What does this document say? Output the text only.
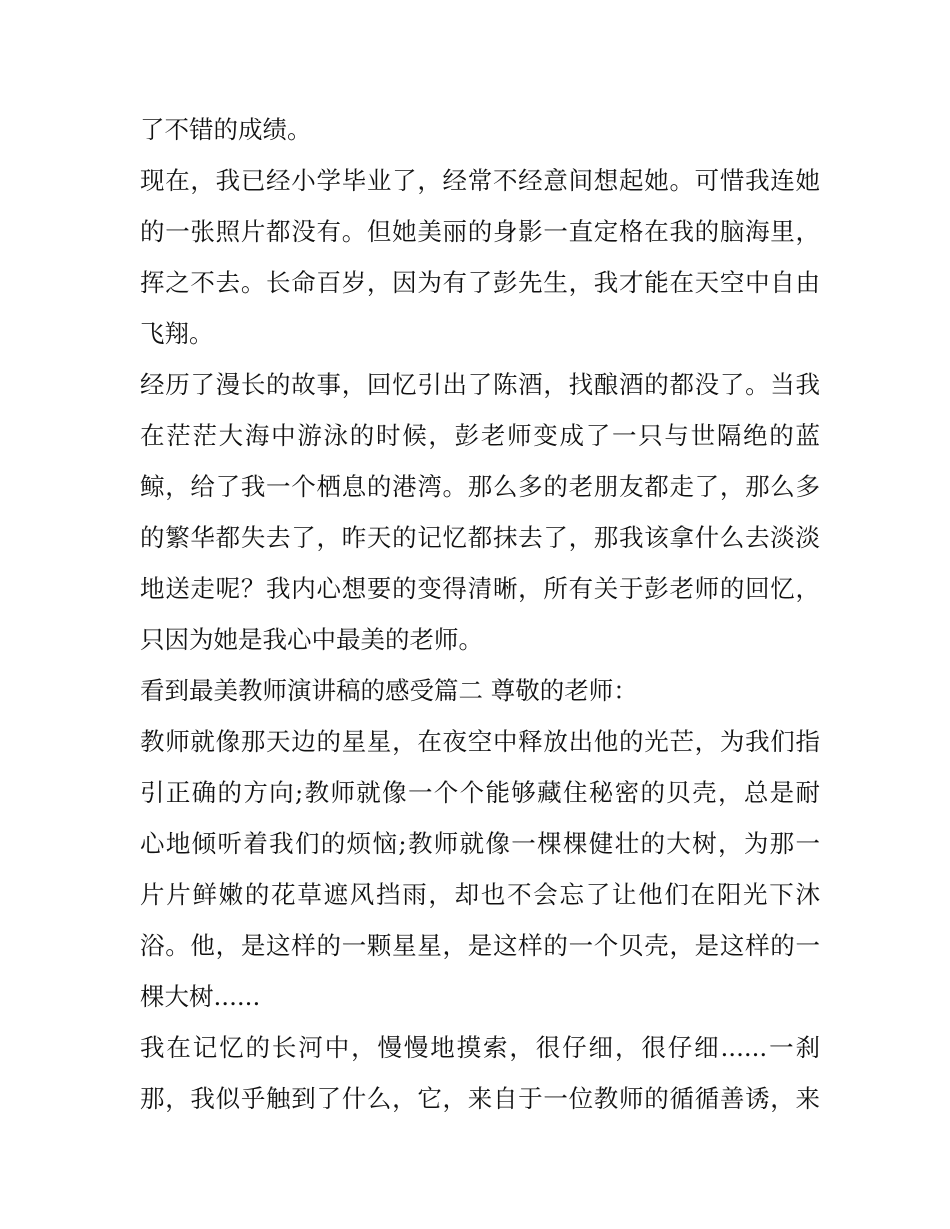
了不错的成绩。
现在，我已经小学毕业了，经常不经意间想起她。可惜我连她
的一张照片都没有。但她美丽的身影一直定格在我的脑海里，
挥之不去。长命百岁，因为有了彭先生，我才能在天空中自由
飞翔。
经历了漫长的故事，回忆引出了陈酒，找酿酒的都没了。当我
在茫茫大海中游泳的时候，彭老师变成了一只与世隔绝的蓝
鲸，给了我一个栖息的港湾。那么多的老朋友都走了，那么多
的繁华都失去了，昨天的记忆都抹去了，那我该拿什么去淡淡
地送走呢？我内心想要的变得清晰，所有关于彭老师的回忆，
只因为她是我心中最美的老师。
看到最美教师演讲稿的感受篇二 尊敬的老师：
教师就像那天边的星星，在夜空中释放出他的光芒，为我们指
引正确的方向;教师就像一个个能够藏住秘密的贝壳，总是耐
心地倾听着我们的烦恼;教师就像一棵棵健壮的大树，为那一
片片鲜嫩的花草遮风挡雨，却也不会忘了让他们在阳光下沐
浴。他，是这样的一颗星星，是这样的一个贝壳，是这样的一
棵大树......
我在记忆的长河中，慢慢地摸索，很仔细，很仔细......一刹
那，我似乎触到了什么，它，来自于一位教师的循循善诱，来
